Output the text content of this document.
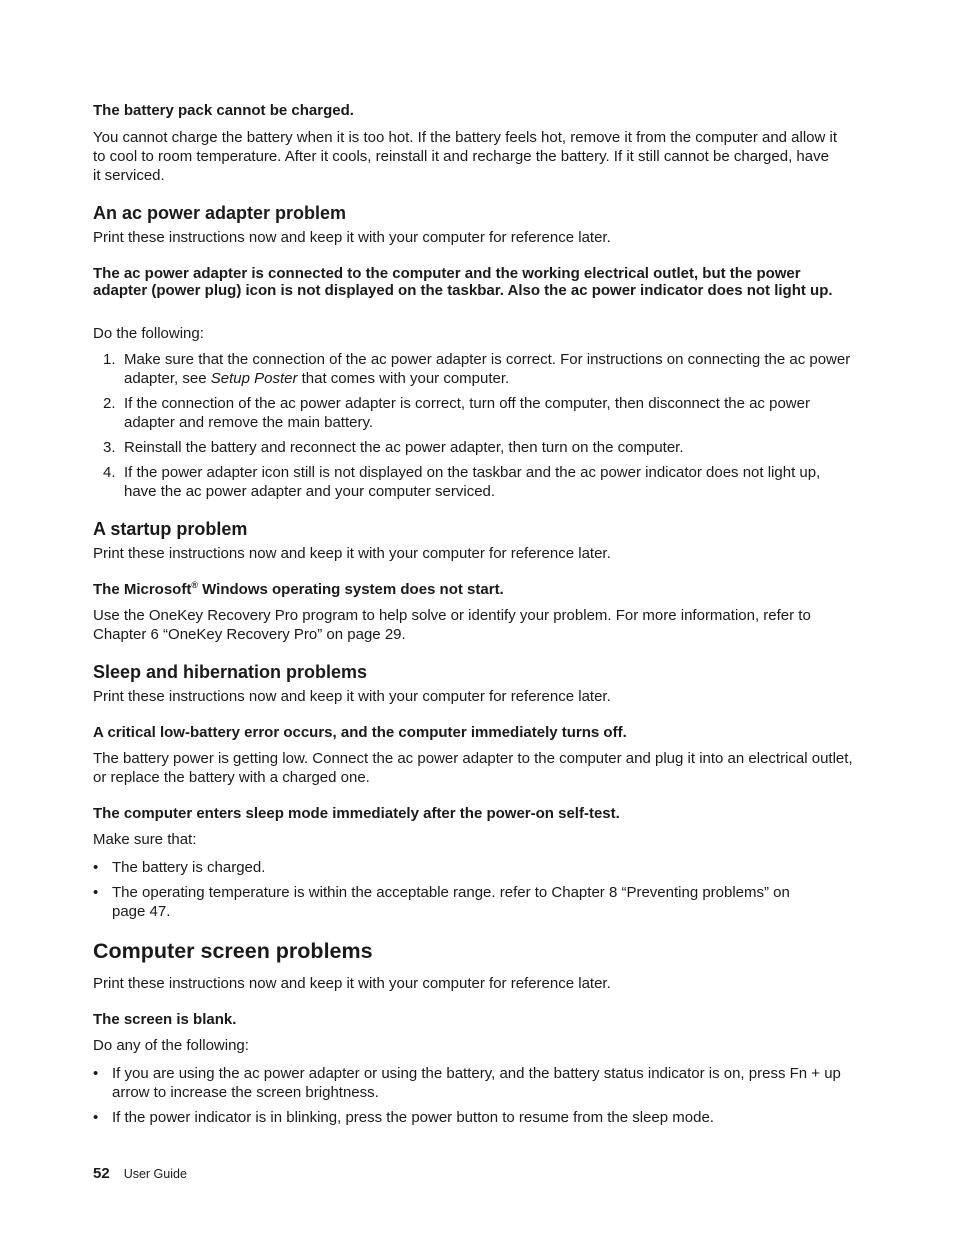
The battery pack cannot be charged.

You cannot charge the battery when it is too hot. If the battery feels hot, remove it from the computer and allow it to cool to room temperature. After it cools, reinstall it and recharge the battery. If it still cannot be charged, have it serviced.

An ac power adapter problem

Print these instructions now and keep it with your computer for reference later.

The ac power adapter is connected to the computer and the working electrical outlet, but the power adapter (power plug) icon is not displayed on the taskbar. Also the ac power indicator does not light up.

Do the following:

1. Make sure that the connection of the ac power adapter is correct. For instructions on connecting the ac power adapter, see Setup Poster that comes with your computer.
2. If the connection of the ac power adapter is correct, turn off the computer, then disconnect the ac power adapter and remove the main battery.
3. Reinstall the battery and reconnect the ac power adapter, then turn on the computer.
4. If the power adapter icon still is not displayed on the taskbar and the ac power indicator does not light up, have the ac power adapter and your computer serviced.
A startup problem

Print these instructions now and keep it with your computer for reference later.

The Microsoft® Windows operating system does not start.

Use the OneKey Recovery Pro program to help solve or identify your problem. For more information, refer to Chapter 6 “OneKey Recovery Pro” on page 29.

Sleep and hibernation problems

Print these instructions now and keep it with your computer for reference later.

A critical low-battery error occurs, and the computer immediately turns off.

The battery power is getting low. Connect the ac power adapter to the computer and plug it into an electrical outlet, or replace the battery with a charged one.

The computer enters sleep mode immediately after the power-on self-test.

Make sure that:

• The battery is charged.
• The operating temperature is within the acceptable range. refer to Chapter 8 “Preventing problems” on page 47.
Computer screen problems

Print these instructions now and keep it with your computer for reference later.

The screen is blank.

Do any of the following:

• If you are using the ac power adapter or using the battery, and the battery status indicator is on, press Fn + up arrow to increase the screen brightness.
• If the power indicator is in blinking, press the power button to resume from the sleep mode.
52 User Guide
